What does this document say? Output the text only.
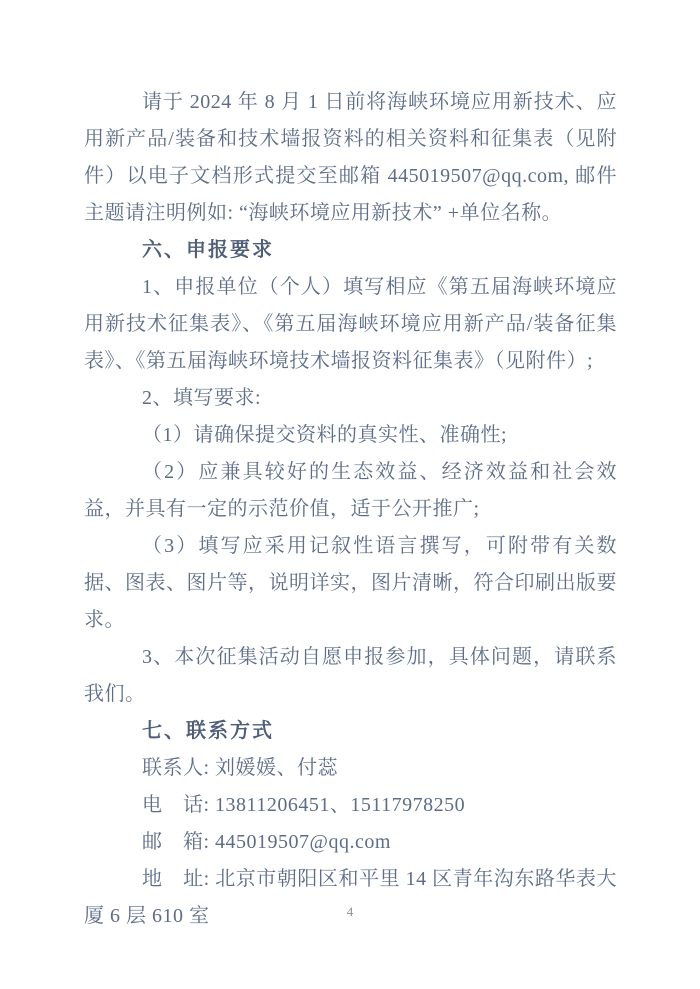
请于 2024 年 8 月 1 日前将海峡环境应用新技术、应用新产品/装备和技术墙报资料的相关资料和征集表（见附件）以电子文档形式提交至邮箱 445019507@qq.com, 邮件主题请注明例如: “海峡环境应用新技术” +单位名称。

六、申报要求

1、申报单位（个人）填写相应《第五届海峡环境应用新技术征集表》、《第五届海峡环境应用新产品/装备征集表》、《第五届海峡环境技术墙报资料征集表》（见附件）;

2、填写要求:

（1）请确保提交资料的真实性、准确性;

（2）应兼具较好的生态效益、经济效益和社会效益，并具有一定的示范价值，适于公开推广;

（3）填写应采用记叙性语言撰写，可附带有关数据、图表、图片等，说明详实，图片清晰，符合印刷出版要求。

3、本次征集活动自愿申报参加，具体问题，请联系我们。

七、联系方式

联系人: 刘媛媛、付蕊

电　话: 13811206451、15117978250

邮　箱: 445019507@qq.com

地　址: 北京市朝阳区和平里 14 区青年沟东路华表大厦 6 层 610 室	4
